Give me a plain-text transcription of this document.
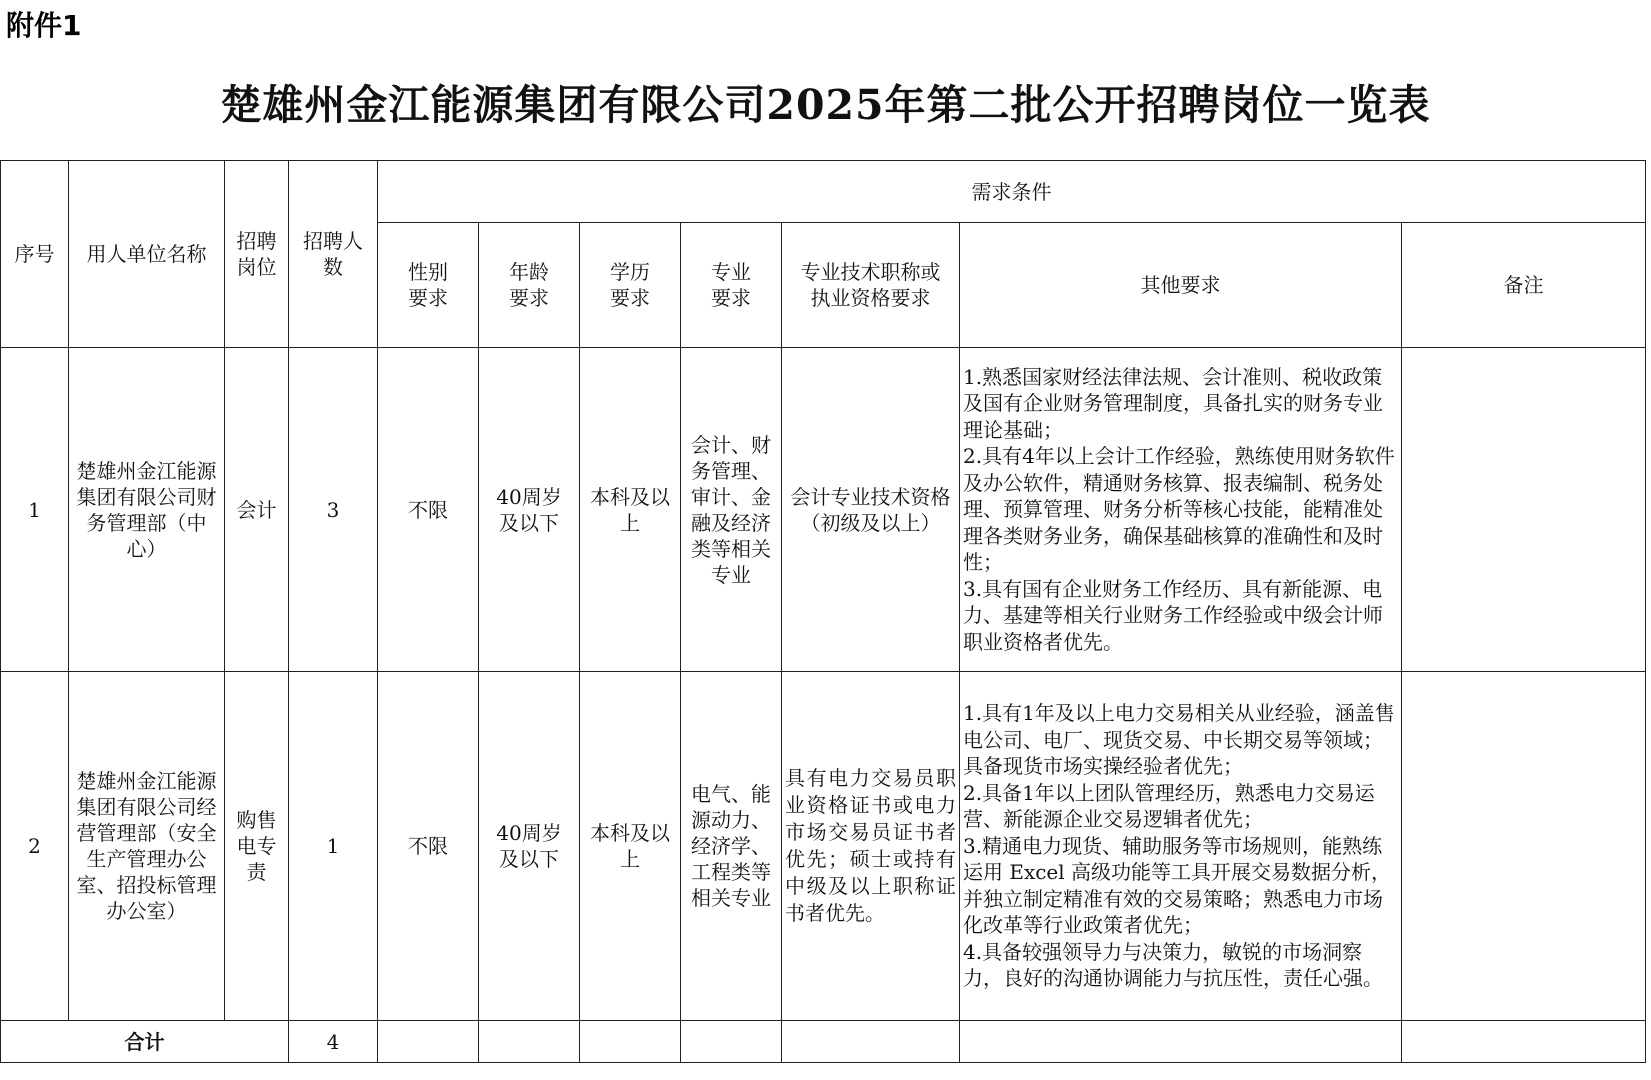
附件1
楚雄州金江能源集团有限公司2025年第二批公开招聘岗位一览表
序号	用人单位名称	招聘岗位	招聘人数	需求条件						

				性别要求	年龄要求	学历要求	专业要求	专业技术职称或执业资格要求	其他要求	备注

1	楚雄州金江能源集团有限公司财务管理部（中心）	会计	3	不限	40周岁及以下	本科及以上	会计、财务管理、审计、金融及经济类等相关专业	会计专业技术资格（初级及以上）	1.熟悉国家财经法律法规、会计准则、税收政策及国有企业财务管理制度，具备扎实的财务专业理论基础；
2.具有4年以上会计工作经验，熟练使用财务软件及办公软件，精通财务核算、报表编制、税务处理、预算管理、财务分析等核心技能，能精准处理各类财务业务，确保基础核算的准确性和及时性；
3.具有国有企业财务工作经历、具有新能源、电力、基建等相关行业财务工作经验或中级会计师职业资格者优先。	

2	楚雄州金江能源集团有限公司经营管理部（安全生产管理办公室、招投标管理办公室）	购售电专责	1	不限	40周岁及以下	本科及以上	电气、能源动力、经济学、工程类等相关专业	具有电力交易员职业资格证书或电力市场交易员证书者优先；硕士或持有中级及以上职称证书者优先。	1.具有1年及以上电力交易相关从业经验，涵盖售电公司、电厂、现货交易、中长期交易等领域；具备现货市场实操经验者优先；
2.具备1年以上团队管理经历，熟悉电力交易运营、新能源企业交易逻辑者优先；
3.精通电力现货、辅助服务等市场规则，能熟练运用 Excel 高级功能等工具开展交易数据分析，并独立制定精准有效的交易策略；熟悉电力市场化改革等行业政策者优先；
4.具备较强领导力与决策力，敏锐的市场洞察力，良好的沟通协调能力与抗压性，责任心强。	

合计			4							
